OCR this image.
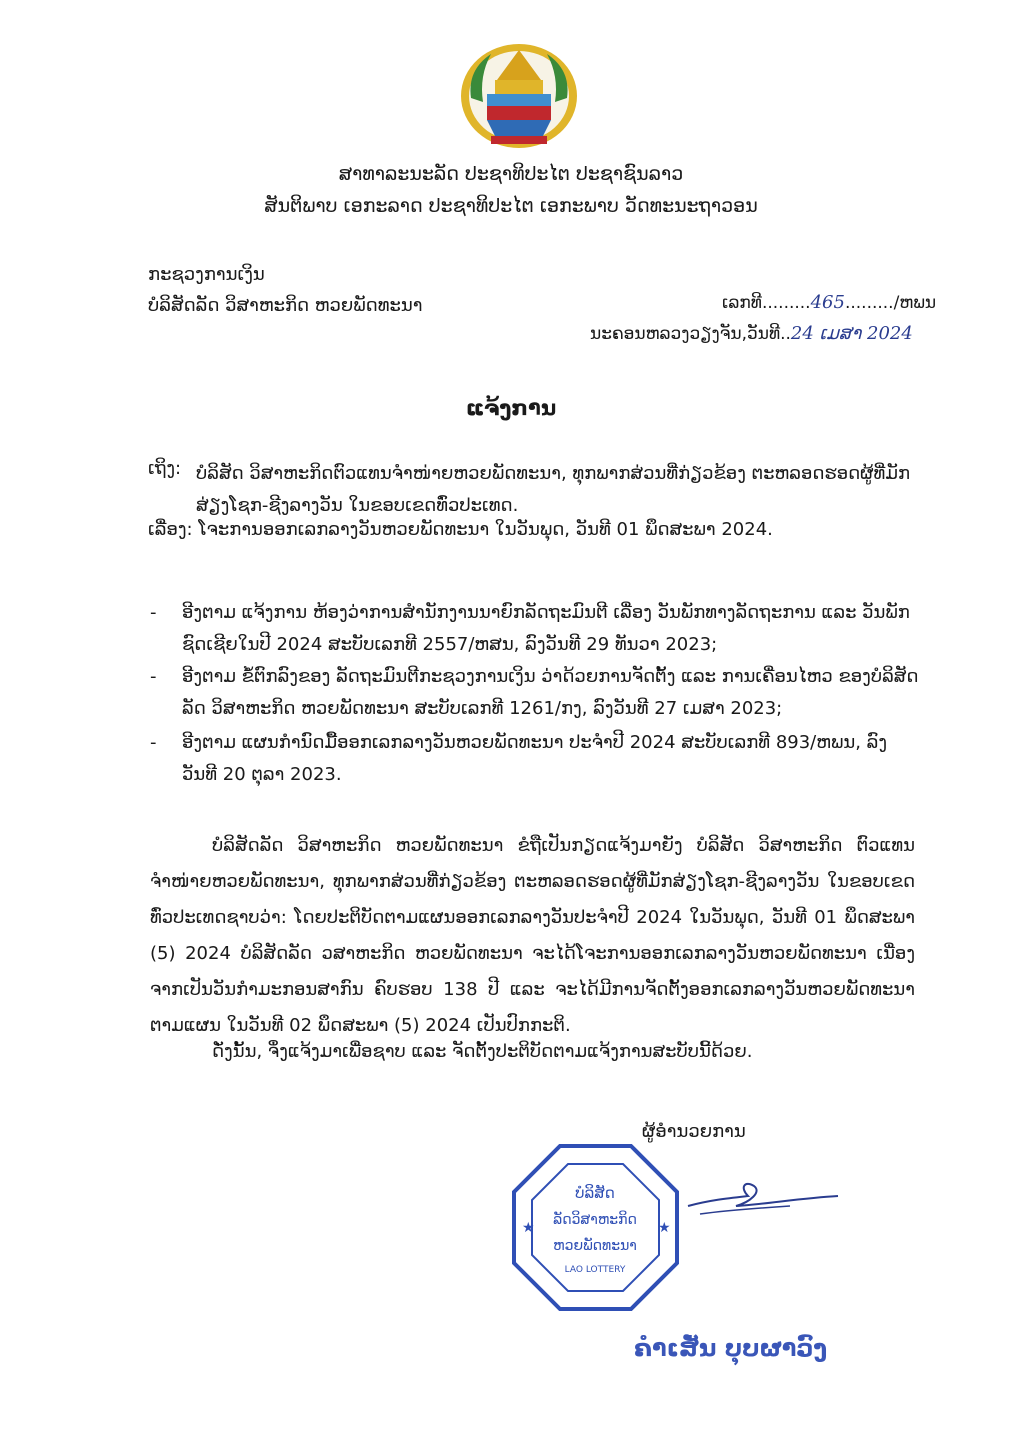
ສາທາລະນະລັດ ປະຊາທິປະໄຕ ປະຊາຊົນລາວ
ສັນຕິພາບ ເອກະລາດ ປະຊາທິປະໄຕ ເອກະພາບ ວັດທະນະຖາວອນ
ກະຊວງການເງິນ
ບໍລິສັດລັດ ວິສາຫະກິດ ຫວຍພັດທະນາ	ເລກທີ.........465........./ຫພນ
ນະຄອນຫລວງວຽງຈັນ,ວັນທີ..24 ເມສາ 2024
ແຈ້ງການ
ເຖິງ: ບໍລິສັດ ວິສາຫະກິດຕົວແທນຈຳໜ່າຍຫວຍພັດທະນາ, ທຸກພາກສ່ວນທີ່ກ່ຽວຂ້ອງ ຕະຫລອດຮອດຜູ້ທີ່ມັກສ່ຽງໂຊກ-ຊີງລາງວັນ ໃນຂອບເຂດທົ່ວປະເທດ.
ເລື່ອງ: ໂຈະການອອກເລກລາງວັນຫວຍພັດທະນາ ໃນວັນພຸດ, ວັນທີ 01 ພຶດສະພາ 2024.
- ອີງຕາມ ແຈ້ງການ ຫ້ອງວ່າການສຳນັກງານນາຍົກລັດຖະມົນຕີ ເລື່ອງ ວັນພັກທາງລັດຖະການ ແລະ ວັນພັກຊົດເຊີຍໃນປີ 2024 ສະບັບເລກທີ 2557/ຫສນ, ລົງວັນທີ 29 ທັນວາ 2023;
- ອີງຕາມ ຂໍ້ຕົກລົງຂອງ ລັດຖະມົນຕີກະຊວງການເງິນ ວ່າດ້ວຍການຈັດຕັ້ງ ແລະ ການເຄື່ອນໄຫວ ຂອງບໍລິສັດລັດ ວິສາຫະກິດ ຫວຍພັດທະນາ ສະບັບເລກທີ 1261/ກງ, ລົງວັນທີ 27 ເມສາ 2023;
- ອີງຕາມ ແຜນກຳນົດມື້ອອກເລກລາງວັນຫວຍພັດທະນາ ປະຈຳປີ 2024 ສະບັບເລກທີ 893/ຫພນ, ລົງວັນທີ 20 ຕຸລາ 2023.
ບໍລິສັດລັດ ວິສາຫະກິດ ຫວຍພັດທະນາ ຂໍຖືເປັນກຽດແຈ້ງມາຍັງ ບໍລິສັດ ວິສາຫະກິດ ຕົວແທນຈຳໜ່າຍຫວຍພັດທະນາ, ທຸກພາກສ່ວນທີ່ກ່ຽວຂ້ອງ ຕະຫລອດຮອດຜູ້ທີ່ມັກສ່ຽງໂຊກ-ຊີງລາງວັນ ໃນຂອບເຂດທົ່ວປະເທດຊາບວ່າ: ໂດຍປະຕິບັດຕາມແຜນອອກເລກລາງວັນປະຈຳປີ 2024 ໃນວັນພຸດ, ວັນທີ 01 ພຶດສະພາ (5) 2024 ບໍລິສັດລັດ ວສາຫະກິດ ຫວຍພັດທະນາ ຈະໄດ້ໂຈະການອອກເລກລາງວັນຫວຍພັດທະນາ ເນື່ອງຈາກເປັນວັນກຳມະກອນສາກົນ ຄົບຮອບ 138 ປີ ແລະ ຈະໄດ້ມີການຈັດຕັ້ງອອກເລກລາງວັນຫວຍພັດທະນາຕາມແຜນ ໃນວັນທີ 02 ພຶດສະພາ (5) 2024 ເປັນປົກກະຕິ.
ດັ່ງນັ້ນ, ຈຶ່ງແຈ້ງມາເພື່ອຊາບ ແລະ ຈັດຕັ້ງປະຕິບັດຕາມແຈ້ງການສະບັບນີ້ດ້ວຍ.
ຜູ້ອຳນວຍການ
ບໍລິສັດ
ລັດວິສາຫະກິດ
ຫວຍພັດທະນາ
LAO LOTTERY
★	★
ຄຳເສັ່ນ ບຸບຜາວົງ
